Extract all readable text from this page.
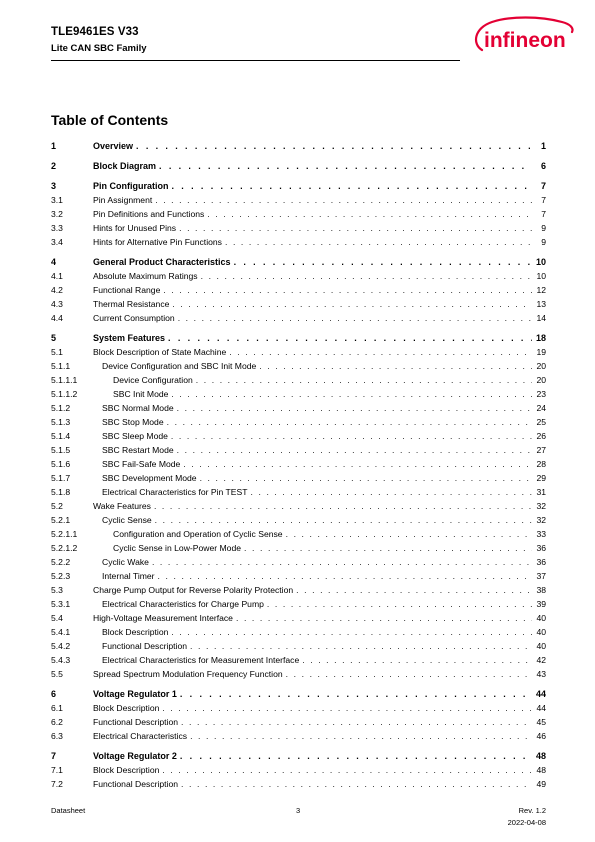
TLE9461ES V33
Lite CAN SBC Family	infineon
Table of Contents
1	Overview . . .	1
2	Block Diagram . . .	6
3	Pin Configuration . . .	7
3.1	Pin Assignment . . .	7
3.2	Pin Definitions and Functions . . .	7
3.3	Hints for Unused Pins . . .	9
3.4	Hints for Alternative Pin Functions . . .	9
4	General Product Characteristics . . .	10
4.1	Absolute Maximum Ratings . . .	10
4.2	Functional Range . . .	12
4.3	Thermal Resistance . . .	13
4.4	Current Consumption . . .	14
5	System Features . . .	18
5.1	Block Description of State Machine . . .	19
5.1.1	Device Configuration and SBC Init Mode . . .	20
5.1.1.1	Device Configuration . . .	20
5.1.1.2	SBC Init Mode . . .	23
5.1.2	SBC Normal Mode . . .	24
5.1.3	SBC Stop Mode . . .	25
5.1.4	SBC Sleep Mode . . .	26
5.1.5	SBC Restart Mode . . .	27
5.1.6	SBC Fail-Safe Mode . . .	28
5.1.7	SBC Development Mode . . .	29
5.1.8	Electrical Characteristics for Pin TEST . . .	31
5.2	Wake Features . . .	32
5.2.1	Cyclic Sense . . .	32
5.2.1.1	Configuration and Operation of Cyclic Sense . . .	33
5.2.1.2	Cyclic Sense in Low-Power Mode . . .	36
5.2.2	Cyclic Wake . . .	36
5.2.3	Internal Timer . . .	37
5.3	Charge Pump Output for Reverse Polarity Protection . . .	38
5.3.1	Electrical Characteristics for Charge Pump . . .	39
5.4	High-Voltage Measurement Interface . . .	40
5.4.1	Block Description . . .	40
5.4.2	Functional Description . . .	40
5.4.3	Electrical Characteristics for Measurement Interface . . .	42
5.5	Spread Spectrum Modulation Frequency Function . . .	43
6	Voltage Regulator 1 . . .	44
6.1	Block Description . . .	44
6.2	Functional Description . . .	45
6.3	Electrical Characteristics . . .	46
7	Voltage Regulator 2 . . .	48
7.1	Block Description . . .	48
7.2	Functional Description . . .	49
Datasheet	3	Rev. 1.2
2022-04-08
